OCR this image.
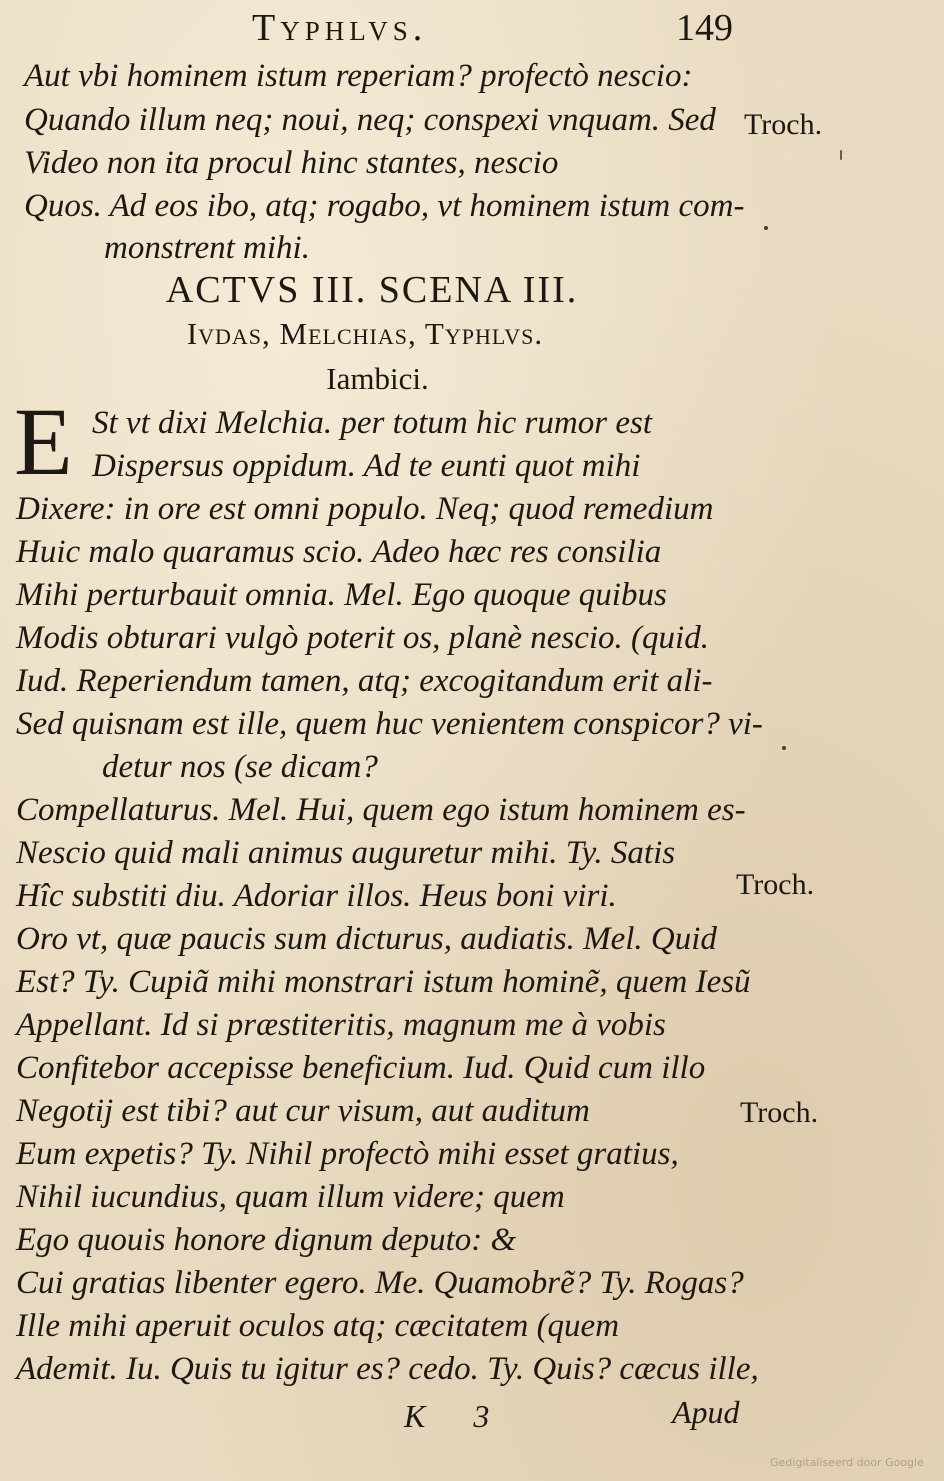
Typhlvs.	149
Aut vbi hominem istum reperiam? profectò nescio:
Quando illum neq; noui, neq; conspexi vnquam. Sed
Video non ita procul hinc stantes, nescio
Quos. Ad eos ibo, atq; rogabo, vt hominem istum com-
monstrent mihi.
Troch.
ACTVS III. SCENA III.
Ivdas, Melchias, Typhlvs.
Iambici.
E St vt dixi Melchia. per totum hic rumor est
Dispersus oppidum. Ad te eunti quot mihi
Dixere: in ore est omni populo. Neq; quod remedium
Huic malo quaramus scio. Adeo hæc res consilia
Mihi perturbauit omnia. Mel. Ego quoque quibus
Modis obturari vulgò poterit os, planè nescio. (quid.
Iud. Reperiendum tamen, atq; excogitandum erit ali-
Sed quisnam est ille, quem huc venientem conspicor? vi-
detur nos (se dicam?
Compellaturus. Mel. Hui, quem ego istum hominem es-
Nescio quid mali animus auguretur mihi. Ty. Satis
Hîc substiti diu. Adoriar illos. Heus boni viri.
Oro vt, quæ paucis sum dicturus, audiatis. Mel. Quid
Est? Ty. Cupiã mihi monstrari istum hominẽ, quem Iesũ
Appellant. Id si præstiteritis, magnum me à vobis
Confitebor accepisse beneficium. Iud. Quid cum illo
Negotij est tibi? aut cur visum, aut auditum
Eum expetis? Ty. Nihil profectò mihi esset gratius,
Nihil iucundius, quam illum videre; quem
Ego quouis honore dignum deputo: &
Cui gratias libenter egero. Me. Quamobrẽ? Ty. Rogas?
Ille mihi aperuit oculos atq; cæcitatem (quem
Ademit. Iu. Quis tu igitur es? cedo. Ty. Quis? cæcus ille,
Troch.
Troch.
K 3	Apud
Gedigitaliseerd door Google
